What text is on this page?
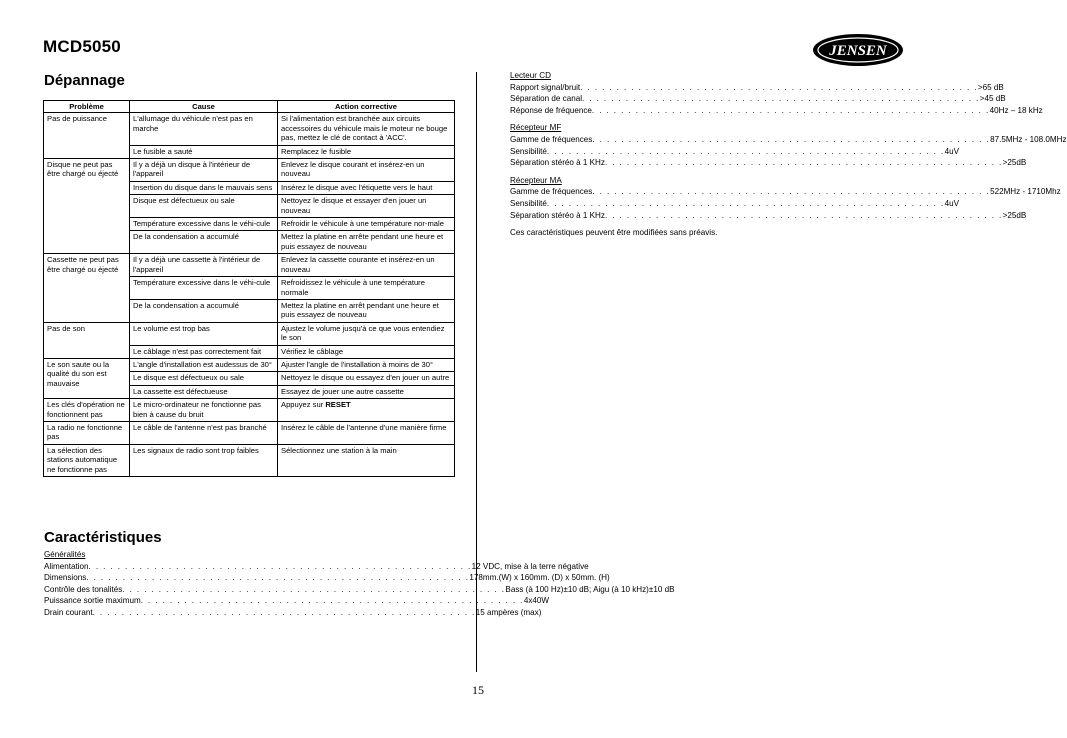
MCD5050	JENSEN
Dépannage
Problème	Cause	Action corrective
Pas de puissance	L'allumage du véhicule n'est pas en marche	Si l'alimentation est branchée aux circuits accessoires du véhicule mais le moteur ne bouge pas, mettez le clé de contact à 'ACC'.
	Le fusible a sauté	Remplacez le fusible
Disque ne peut pas être chargé ou éjecté	Il y a déjà un disque à l'intérieur de l'appareil	Enlevez le disque courant et insérez-en un nouveau
	Insertion du disque dans le mauvais sens	Insérez le disque avec l'étiquette vers le haut
	Disque est défectueux ou sale	Nettoyez le disque et essayer d'en jouer un nouveau
	Température excessive dans le véhi-cule	Refroidir le véhicule à une température nor-male
	De la condensation a accumulé	Mettez la platine en arrête pendant une heure et puis essayez de nouveau
Cassette ne peut pas être chargé ou éjecté	Il y a déjà une cassette à l'intérieur de l'appareil	Enlevez la cassette courante et insérez-en un nouveau
	Température excessive dans le véhi-cule	Refroidissez le véhicule à une température normale
	De la condensation a accumulé	Mettez la platine en arrêt pendant une heure et puis essayez de nouveau
Pas de son	Le volume est trop bas	Ajustez le volume jusqu'à ce que vous entendiez le son
	Le câblage n'est pas correctement fait	Vérifiez le câblage
Le son saute ou la qualité du son est mauvaise	L'angle d'installation est audessus de 30°	Ajuster l'angle de l'installation à moins de 30°
	Le disque est défectueux ou sale	Nettoyez le disque ou essayez d'en jouer un autre
	La cassette est défectueuse	Essayez de jouer une autre cassette
Les clés d'opération ne fonctionnent pas	Le micro-ordinateur ne fonctionne pas bien à cause du bruit	Appuyez sur RESET
La radio ne fonctionne pas	Le câble de l'antenne n'est pas branché	Insérez le câble de l'antenne d'une manière firme
La sélection des stations automatique ne fonctionne pas	Les signaux de radio sont trop faibles	Sélectionnez une station à la main
Caractéristiques
Généralités
Alimentation . . . . . . . . . . . . . . . . . . . . . . . . . . . . . . . . . . . . . . . . . . . . . . . . . . . . . 12 VDC, mise à la terre négative
Dimensions . . . . . . . . . . . . . . . . . . . . . . . . . . . . . . . . . . . . . . . . . . . . . . . . . . . . . 178mm.(W) x 160mm. (D) x 50mm. (H)
Contrôle des tonalités . . . . . . . . . . . . . . . . . . . . . . . . . . . . . . . . . . . . . . . . . . . . . . . . . . . . . Bass (à 100 Hz)±10 dB; Aigu (à 10 kHz)±10 dB
Puissance sortie maximum . . . . . . . . . . . . . . . . . . . . . . . . . . . . . . . . . . . . . . . . . . . . . . . . . . . . . 4x40W
Drain courant . . . . . . . . . . . . . . . . . . . . . . . . . . . . . . . . . . . . . . . . . . . . . . . . . . . . . 15 ampères (max)
Lecteur CD
Rapport signal/bruit . . . . . . . . . . . . . . . . . . . . . . . . . . . . . . . . . . . . . . . . . . . . . . . . . . . . . . . >65 dB
Séparation de canal . . . . . . . . . . . . . . . . . . . . . . . . . . . . . . . . . . . . . . . . . . . . . . . . . . . . . . . >45 dB
Réponse de fréquence . . . . . . . . . . . . . . . . . . . . . . . . . . . . . . . . . . . . . . . . . . . . . . . . . . . . . . . 40Hz – 18 kHz
Récepteur MF
Gamme de fréquences . . . . . . . . . . . . . . . . . . . . . . . . . . . . . . . . . . . . . . . . . . . . . . . . . . . . . . . 87.5MHz - 108.0MHz
Sensibilité . . . . . . . . . . . . . . . . . . . . . . . . . . . . . . . . . . . . . . . . . . . . . . . . . . . . . . . 4uV
Séparation stéréo à 1 KHz . . . . . . . . . . . . . . . . . . . . . . . . . . . . . . . . . . . . . . . . . . . . . . . . . . . . . . . >25dB
Récepteur MA
Gamme de fréquences . . . . . . . . . . . . . . . . . . . . . . . . . . . . . . . . . . . . . . . . . . . . . . . . . . . . . . . 522MHz - 1710Mhz
Sensibilité . . . . . . . . . . . . . . . . . . . . . . . . . . . . . . . . . . . . . . . . . . . . . . . . . . . . . . . 4uV
Séparation stéréo à 1 KHz . . . . . . . . . . . . . . . . . . . . . . . . . . . . . . . . . . . . . . . . . . . . . . . . . . . . . . . >25dB
Ces caractéristiques peuvent être modifiées sans préavis.
15
